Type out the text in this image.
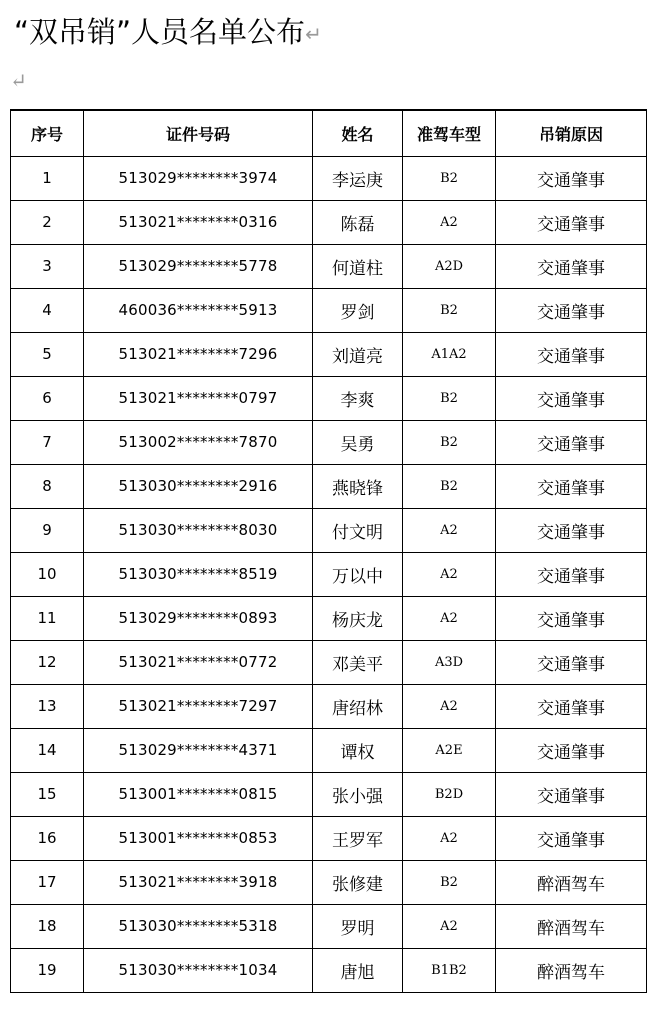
“双吊销”人员名单公布↵
↵
序号	证件号码	姓名	准驾车型	吊销原因
1	513029********3974	李运庚	B2	交通肇事
2	513021********0316	陈磊	A2	交通肇事
3	513029********5778	何道柱	A2D	交通肇事
4	460036********5913	罗剑	B2	交通肇事
5	513021********7296	刘道亮	A1A2	交通肇事
6	513021********0797	李爽	B2	交通肇事
7	513002********7870	吴勇	B2	交通肇事
8	513030********2916	燕晓锋	B2	交通肇事
9	513030********8030	付文明	A2	交通肇事
10	513030********8519	万以中	A2	交通肇事
11	513029********0893	杨庆龙	A2	交通肇事
12	513021********0772	邓美平	A3D	交通肇事
13	513021********7297	唐绍林	A2	交通肇事
14	513029********4371	谭权	A2E	交通肇事
15	513001********0815	张小强	B2D	交通肇事
16	513001********0853	王罗军	A2	交通肇事
17	513021********3918	张修建	B2	醉酒驾车
18	513030********5318	罗明	A2	醉酒驾车
19	513030********1034	唐旭	B1B2	醉酒驾车
